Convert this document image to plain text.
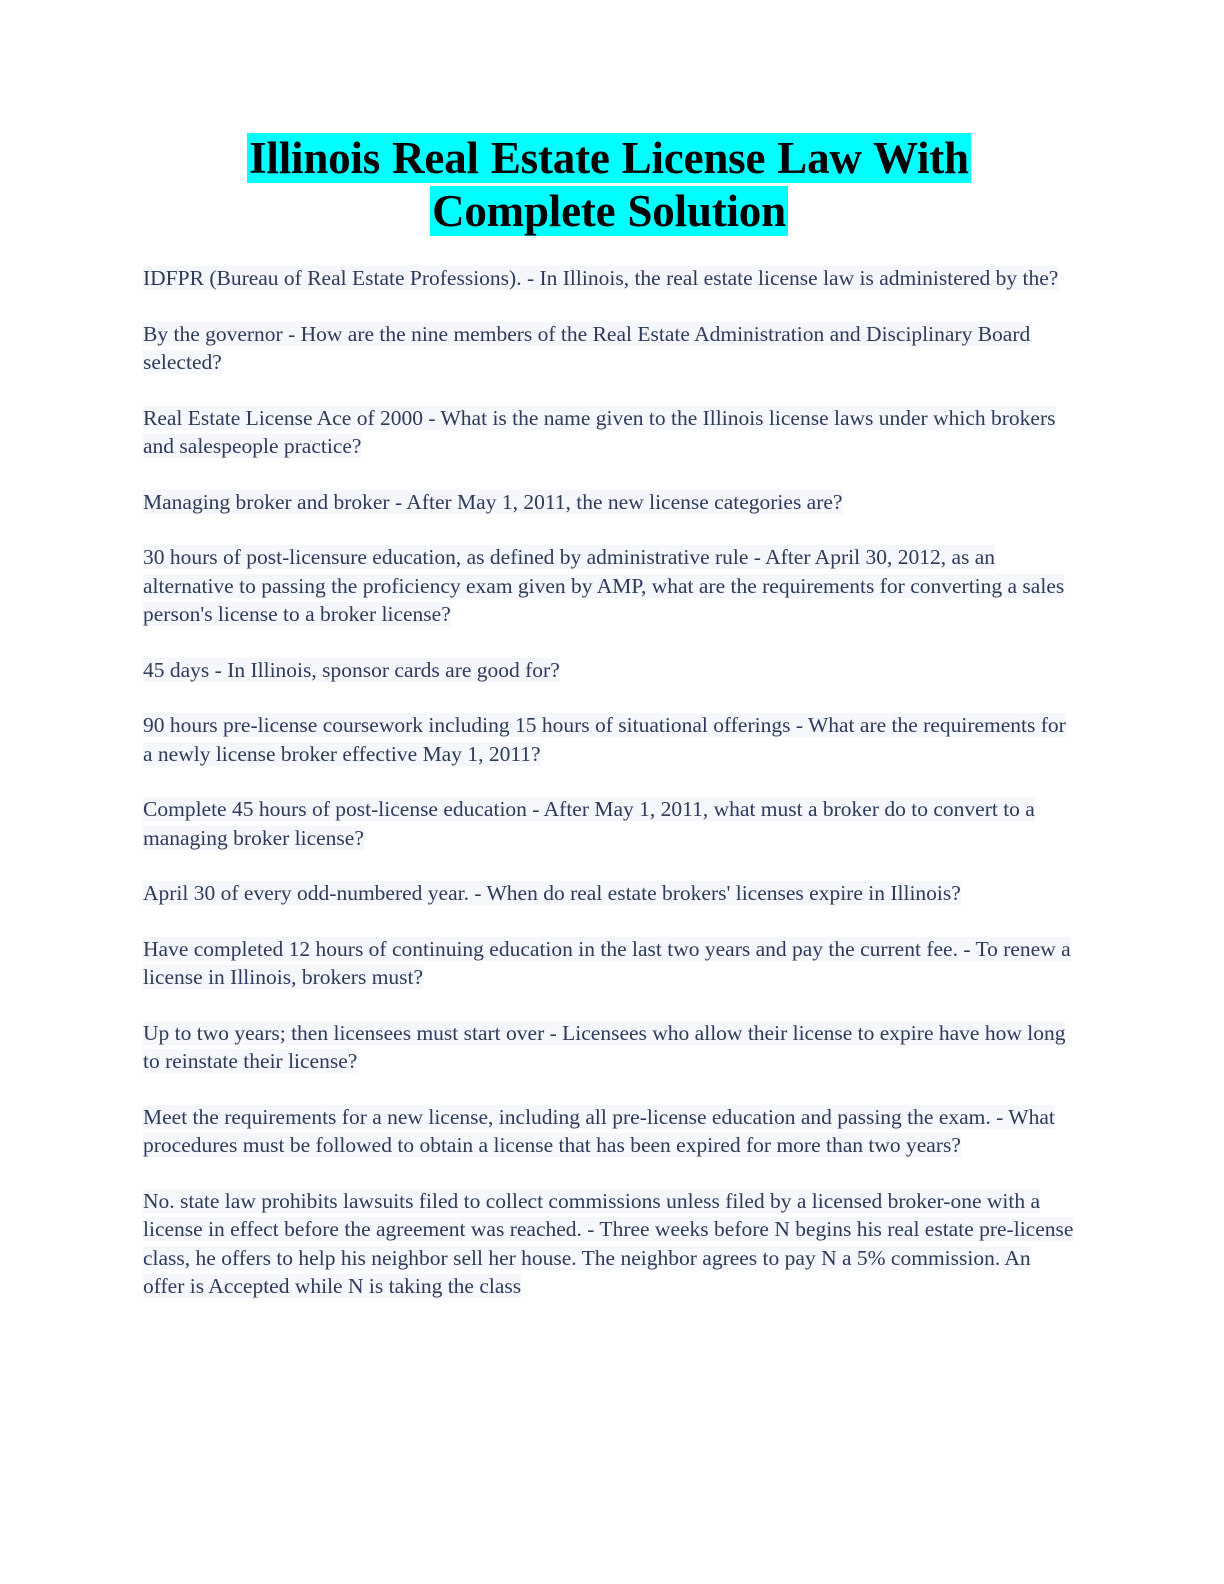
Illinois Real Estate License Law With
Complete Solution

IDFPR (Bureau of Real Estate Professions). - In Illinois, the real estate license law is administered by the?

By the governor - How are the nine members of the Real Estate Administration and Disciplinary Board selected?

Real Estate License Ace of 2000 - What is the name given to the Illinois license laws under which brokers and salespeople practice?

Managing broker and broker - After May 1, 2011, the new license categories are?

30 hours of post-licensure education, as defined by administrative rule - After April 30, 2012, as an alternative to passing the proficiency exam given by AMP, what are the requirements for converting a sales person's license to a broker license?

45 days - In Illinois, sponsor cards are good for?

90 hours pre-license coursework including 15 hours of situational offerings - What are the requirements for a newly license broker effective May 1, 2011?

Complete 45 hours of post-license education - After May 1, 2011, what must a broker do to convert to a managing broker license?

April 30 of every odd-numbered year. - When do real estate brokers' licenses expire in Illinois?

Have completed 12 hours of continuing education in the last two years and pay the current fee. - To renew a license in Illinois, brokers must?

Up to two years; then licensees must start over - Licensees who allow their license to expire have how long to reinstate their license?

Meet the requirements for a new license, including all pre-license education and passing the exam. - What procedures must be followed to obtain a license that has been expired for more than two years?

No. state law prohibits lawsuits filed to collect commissions unless filed by a licensed broker-one with a license in effect before the agreement was reached. - Three weeks before N begins his real estate pre-license class, he offers to help his neighbor sell her house. The neighbor agrees to pay N a 5% commission. An offer is Accepted while N is taking the class
